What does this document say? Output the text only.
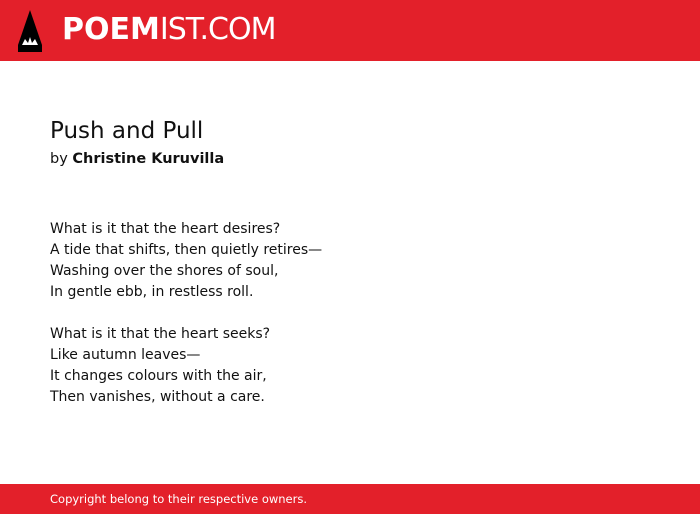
POEMIST.COM
Push and Pull
by Christine Kuruvilla
What is it that the heart desires?
A tide that shifts, then quietly retires—
Washing over the shores of soul,
In gentle ebb, in restless roll.
What is it that the heart seeks?
Like autumn leaves—
It changes colours with the air,
Then vanishes, without a care.
Copyright belong to their respective owners.
